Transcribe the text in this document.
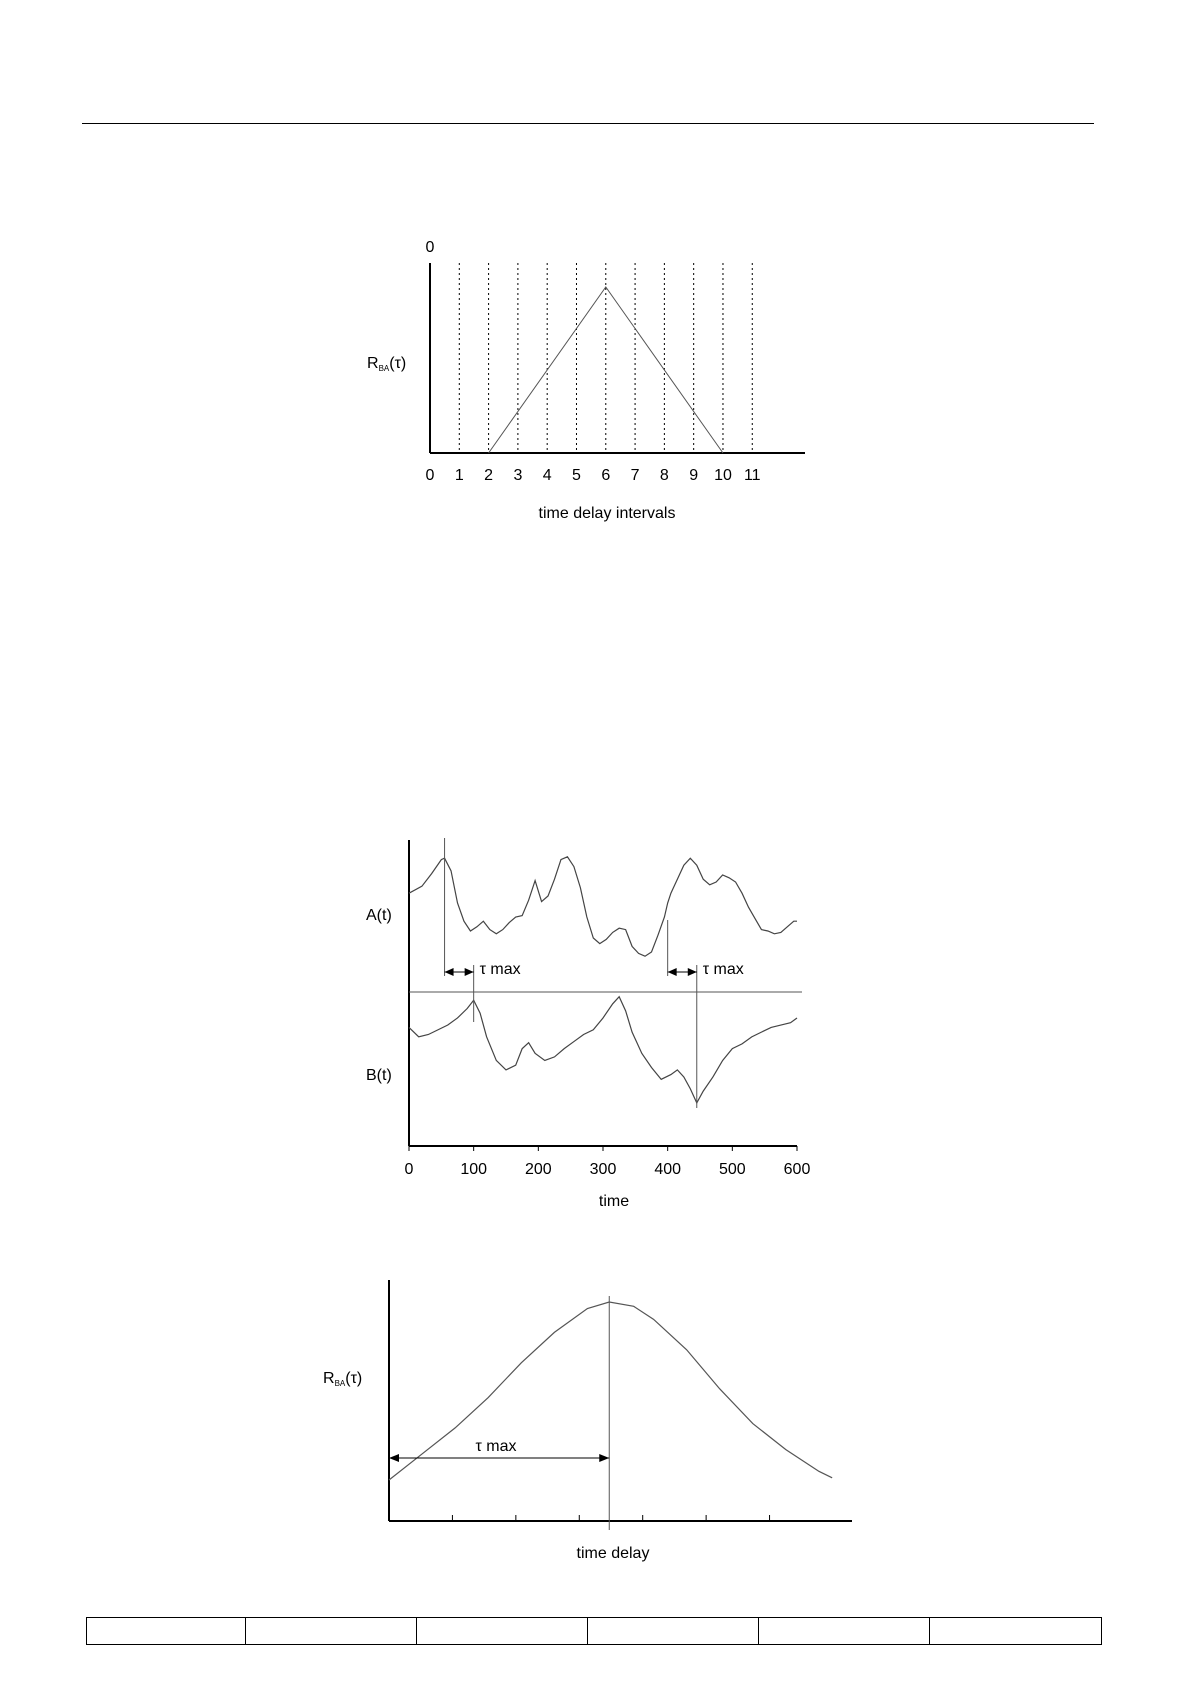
0
0 1 2 3 4 5 6 7 8 9 10 11
RBA(τ)
time delay intervals
0	100 200 300 400 500 600
time
A(t)
B(t)
τ max	τ max
τ max
RBA(τ)
time delay
